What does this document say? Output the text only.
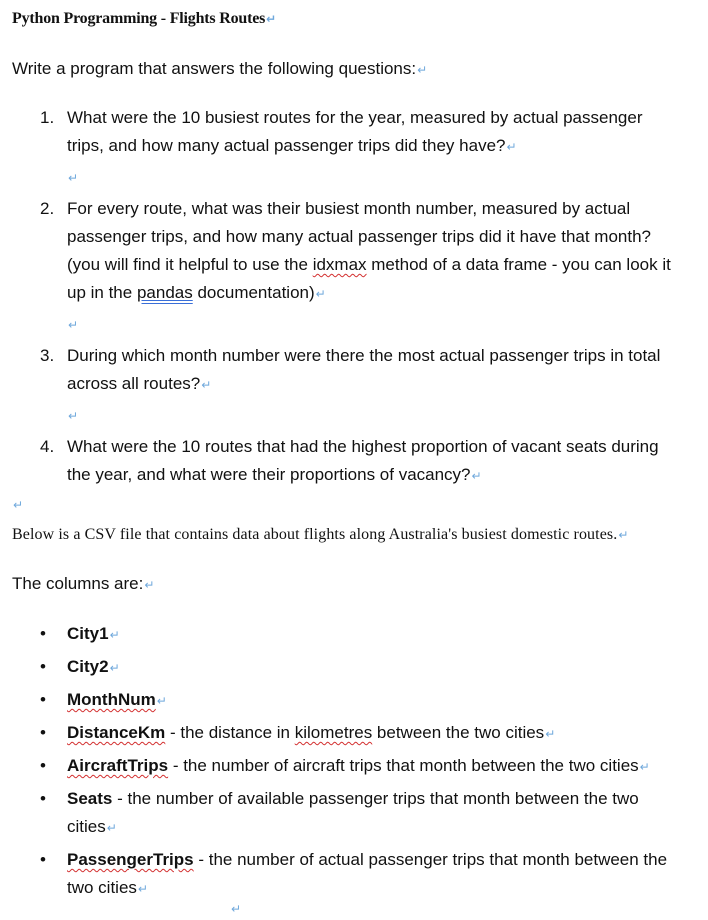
Python Programming - Flights Routes↵
Write a program that answers the following questions:↵
1. What were the 10 busiest routes for the year, measured by actual passenger trips, and how many actual passenger trips did they have?↵
↵
2. For every route, what was their busiest month number, measured by actual passenger trips, and how many actual passenger trips did it have that month? (you will find it helpful to use the idxmax method of a data frame - you can look it up in the pandas documentation)↵
↵
3. During which month number were there the most actual passenger trips in total across all routes?↵
↵
4. What were the 10 routes that had the highest proportion of vacant seats during the year, and what were their proportions of vacancy?↵
↵
Below is a CSV file that contains data about flights along Australia's busiest domestic routes.↵
The columns are:↵
• City1↵
• City2↵
• MonthNum↵
• DistanceKm - the distance in kilometres between the two cities↵
• AircraftTrips - the number of aircraft trips that month between the two cities↵
• Seats - the number of available passenger trips that month between the two cities↵
• PassengerTrips - the number of actual passenger trips that month between the two cities↵
↵
